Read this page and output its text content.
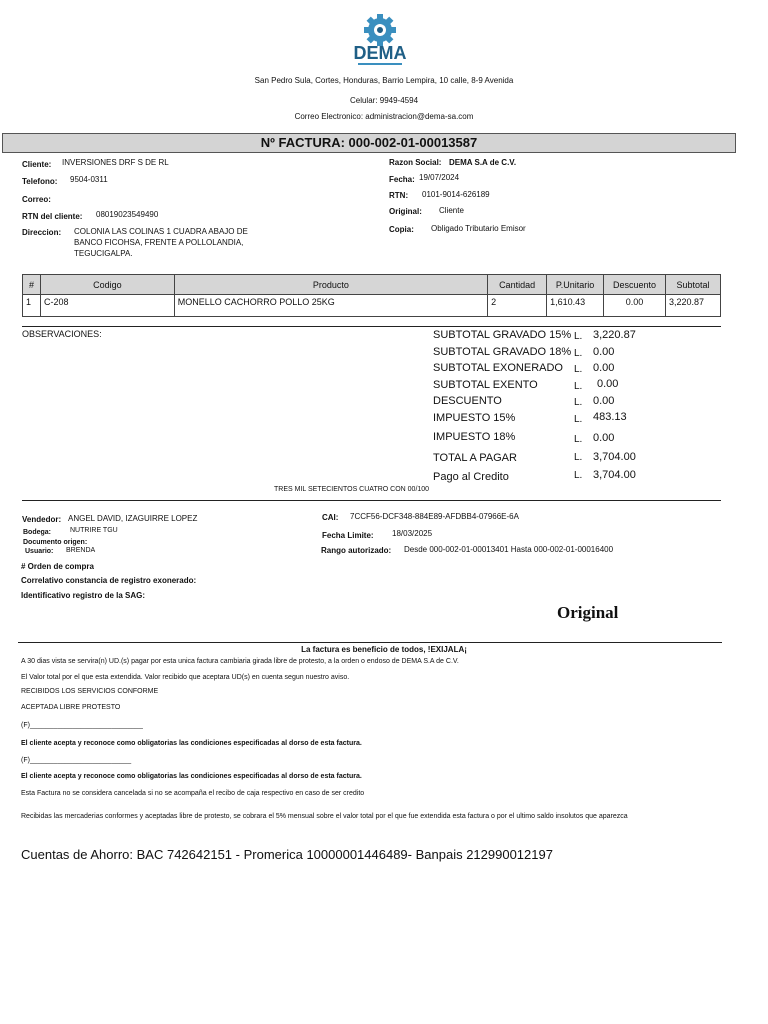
DEMA
San Pedro Sula, Cortes, Honduras, Barrio Lempira, 10 calle, 8-9 Avenida
Celular: 9949-4594
Correo Electronico: administracion@dema-sa.com
Nº FACTURA: 000-002-01-00013587
Cliente: INVERSIONES DRF S DE RL
Telefono: 9504-0311
Correo:
RTN del cliente: 08019023549490
Direccion: COLONIA LAS COLINAS 1 CUADRA ABAJO DE
BANCO FICOHSA, FRENTE A POLLOLANDIA,
TEGUCIGALPA.
Razon Social: DEMA S.A de C.V.
Fecha: 19/07/2024
RTN: 0101-9014-626189
Original: Cliente
Copia: Obligado Tributario Emisor
#	Codigo	Producto	Cantidad	P.Unitario	Descuento	Subtotal
1	C-208	MONELLO CACHORRO POLLO 25KG	2	1,610.43	0.00	3,220.87
OBSERVACIONES:	SUBTOTAL GRAVADO 15% L. 3,220.87
SUBTOTAL GRAVADO 18% L. 0.00
SUBTOTAL EXONERADO L. 0.00
SUBTOTAL EXENTO	L. 0.00
DESCUENTO	L. 0.00
IMPUESTO 15%	L. 483.13
IMPUESTO 18%	L. 0.00
TOTAL A PAGAR	L. 3,704.00
Pago al Credito	L. 3,704.00
TRES MIL SETECIENTOS CUATRO CON 00/100
Vendedor: ANGEL DAVID, IZAGUIRRE LOPEZ
Bodega:	NUTRIRE TGU
Documento origen:
Usuario: BRENDA
# Orden de compra
Correlativo constancia de registro exonerado:
Identificativo registro de la SAG:
CAI: 7CCF56-DCF348-884E89-AFDBB4-07966E-6A
Fecha Limite: 18/03/2025
Rango autorizado: Desde 000-002-01-00013401 Hasta 000-002-01-00016400
Original
La factura es beneficio de todos, !EXIJALA¡
A 30 dias vista se servira(n) UD.(s) pagar por esta unica factura cambiaria girada libre de protesto, a la orden o endoso de DEMA S.A de C.V.
El Valor total por el que esta extendida. Valor recibido que aceptara UD(s) en cuenta segun nuestro aviso.
RECIBIDOS LOS SERVICIOS CONFORME
ACEPTADA LIBRE PROTESTO
(F)_____________________________
El cliente acepta y reconoce como obligatorias las condiciones especificadas al dorso de esta factura.
(F)__________________________
El cliente acepta y reconoce como obligatorias las condiciones especificadas al dorso de esta factura.
Esta Factura no se considera cancelada si no se acompaña el recibo de caja respectivo en caso de ser credito
Recibidas las mercaderias conformes y aceptadas libre de protesto, se cobrara el 5% mensual sobre el valor total por el que fue extendida esta factura o por el ultimo saldo insolutos que aparezca
Cuentas de Ahorro: BAC 742642151 - Promerica 10000001446489- Banpais 212990012197
